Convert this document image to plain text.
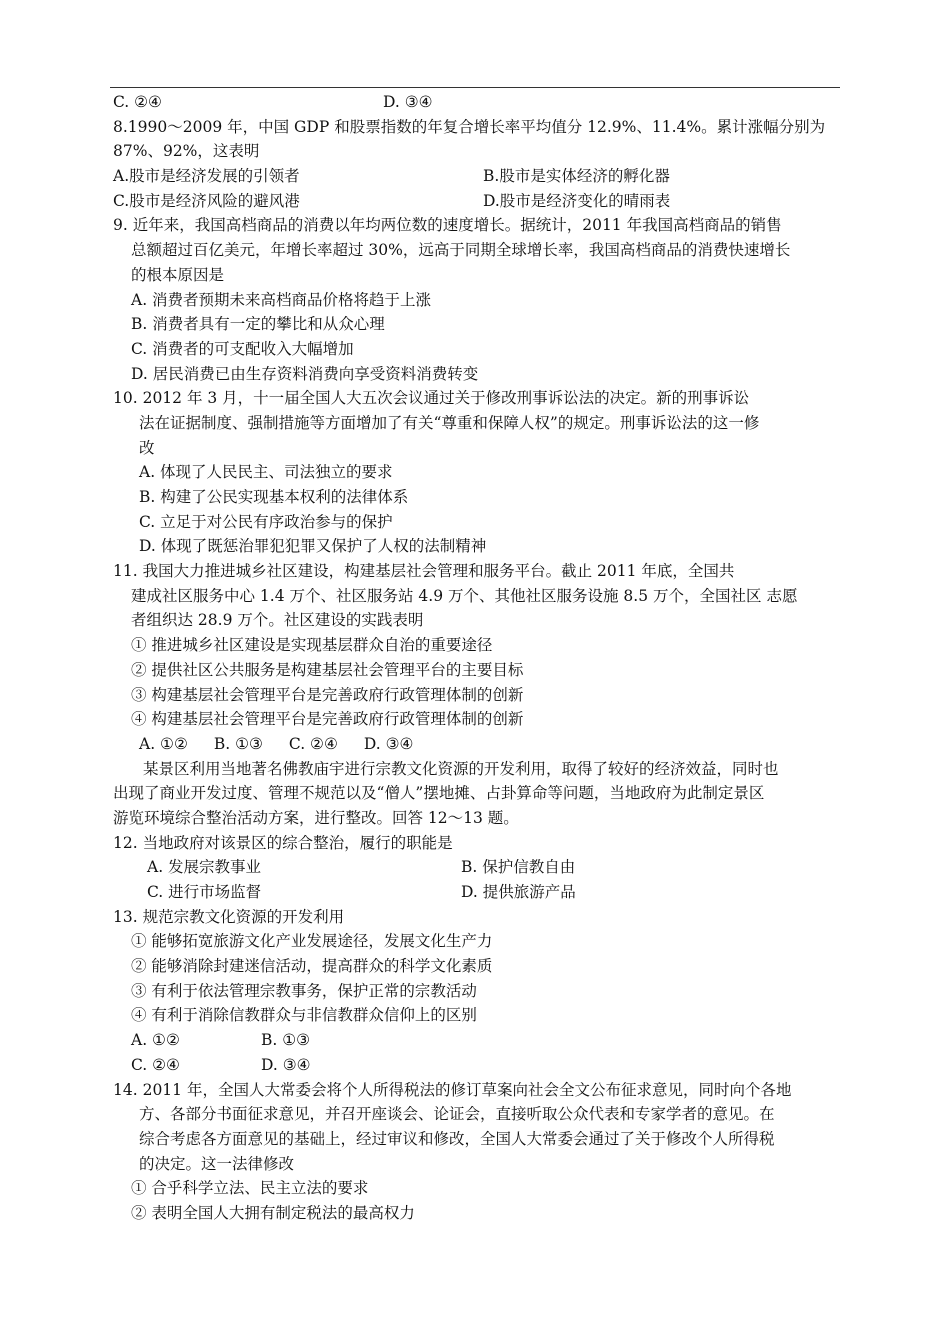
C. ②④	D. ③④
8.1990～2009 年，中国 GDP 和股票指数的年复合增长率平均值分 12.9%、11.4%。累计涨幅分别为
87%、92%，这表明
A.股市是经济发展的引领者	B.股市是实体经济的孵化器
C.股市是经济风险的避风港	D.股市是经济变化的晴雨表
9. 近年来，我国高档商品的消费以年均两位数的速度增长。据统计，2011 年我国高档商品的销售
总额超过百亿美元，年增长率超过 30%，远高于同期全球增长率，我国高档商品的消费快速增长
的根本原因是
A. 消费者预期未来高档商品价格将趋于上涨
B. 消费者具有一定的攀比和从众心理
C. 消费者的可支配收入大幅增加
D. 居民消费已由生存资料消费向享受资料消费转变
10. 2012 年 3 月，十一届全国人大五次会议通过关于修改刑事诉讼法的决定。新的刑事诉讼
法在证据制度、强制措施等方面增加了有关“尊重和保障人权”的规定。刑事诉讼法的这一修
改
A. 体现了人民民主、司法独立的要求
B. 构建了公民实现基本权利的法律体系
C. 立足于对公民有序政治参与的保护
D. 体现了既惩治罪犯犯罪又保护了人权的法制精神
11. 我国大力推进城乡社区建设，构建基层社会管理和服务平台。截止 2011 年底，全国共
建成社区服务中心 1.4 万个、社区服务站 4.9 万个、其他社区服务设施 8.5 万个，全国社区 志愿
者组织达 28.9 万个。社区建设的实践表明
① 推进城乡社区建设是实现基层群众自治的重要途径
② 提供社区公共服务是构建基层社会管理平台的主要目标
③ 构建基层社会管理平台是完善政府行政管理体制的创新
④ 构建基层社会管理平台是完善政府行政管理体制的创新
A. ①② B. ①③ C. ②④ D. ③④
某景区利用当地著名佛教庙宇进行宗教文化资源的开发利用，取得了较好的经济效益，同时也
出现了商业开发过度、管理不规范以及“僧人”摆地摊、占卦算命等问题，当地政府为此制定景区
游览环境综合整治活动方案，进行整改。回答 12～13 题。
12. 当地政府对该景区的综合整治，履行的职能是
A. 发展宗教事业	B. 保护信教自由
C. 进行市场监督	D. 提供旅游产品
13. 规范宗教文化资源的开发利用
① 能够拓宽旅游文化产业发展途径，发展文化生产力
② 能够消除封建迷信活动，提高群众的科学文化素质
③ 有利于依法管理宗教事务，保护正常的宗教活动
④ 有利于消除信教群众与非信教群众信仰上的区别
A. ①②	B. ①③
C. ②④	D. ③④
14. 2011 年，全国人大常委会将个人所得税法的修订草案向社会全文公布征求意见，同时向个各地
方、各部分书面征求意见，并召开座谈会、论证会，直接听取公众代表和专家学者的意见。在
综合考虑各方面意见的基础上，经过审议和修改，全国人大常委会通过了关于修改个人所得税
的决定。这一法律修改
① 合乎科学立法、民主立法的要求
② 表明全国人大拥有制定税法的最高权力
